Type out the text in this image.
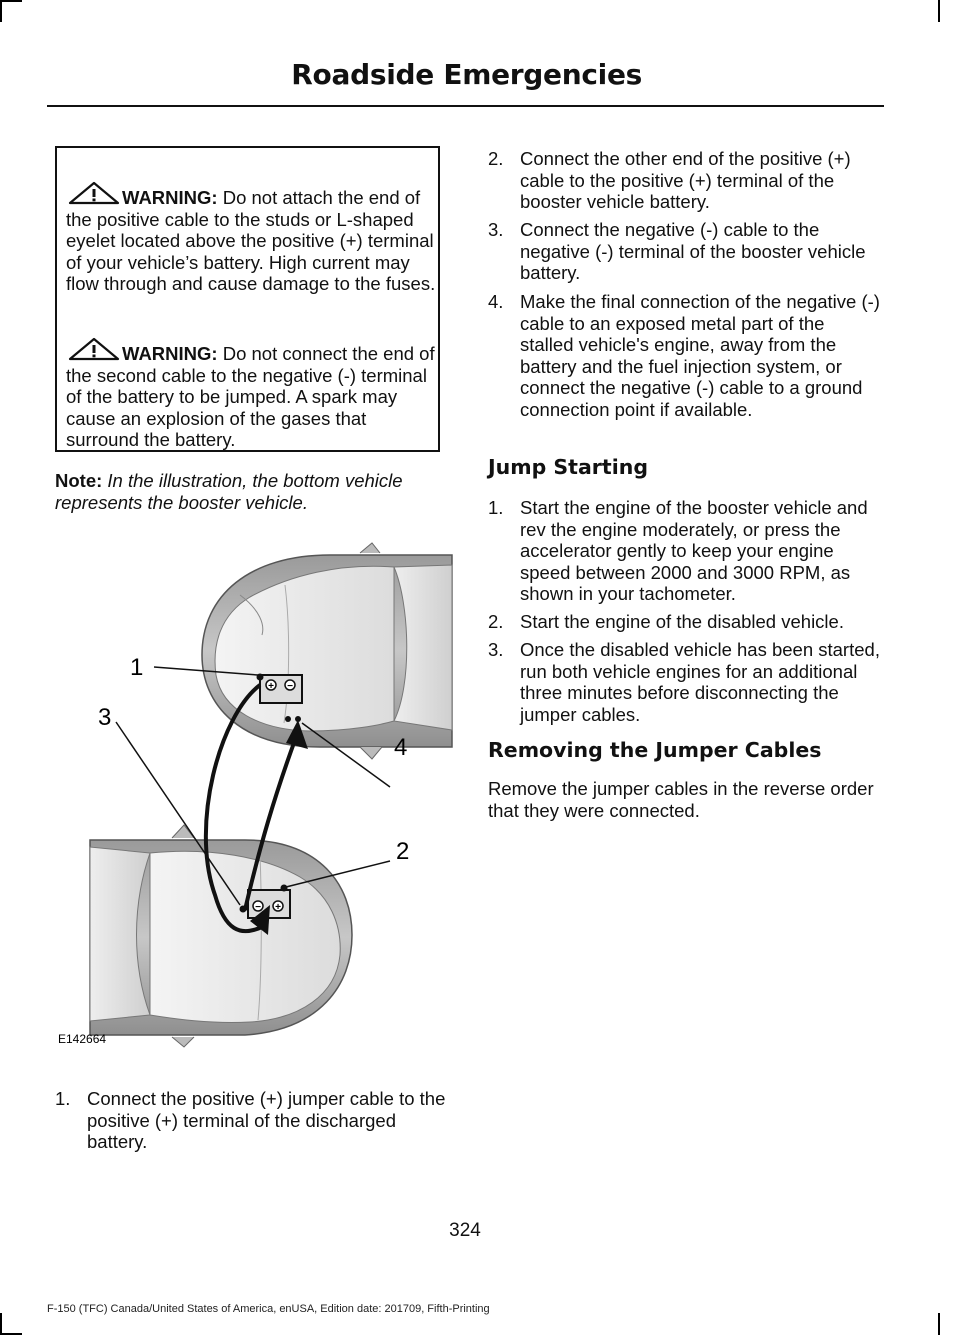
Roadside Emergencies
WARNING: Do not attach the end of the positive cable to the studs or L-shaped eyelet located above the positive (+) terminal of your vehicle’s battery. High current may flow through and cause damage to the fuses.
WARNING: Do not connect the end of the second cable to the negative (-) terminal of the battery to be jumped. A spark may cause an explosion of the gases that surround the battery.
Note: In the illustration, the bottom vehicle represents the booster vehicle.
+ −
− +
1
2
3
4
E142664
1. Connect the positive (+) jumper cable to the positive (+) terminal of the discharged battery.
2. Connect the other end of the positive (+) cable to the positive (+) terminal of the booster vehicle battery.
3. Connect the negative (-) cable to the negative (-) terminal of the booster vehicle battery.
4. Make the final connection of the negative (-) cable to an exposed metal part of the stalled vehicle's engine, away from the battery and the fuel injection system, or connect the negative (-) cable to a ground connection point if available.
Jump Starting
1. Start the engine of the booster vehicle and rev the engine moderately, or press the accelerator gently to keep your engine speed between 2000 and 3000 RPM, as shown in your tachometer.
2. Start the engine of the disabled vehicle.
3. Once the disabled vehicle has been started, run both vehicle engines for an additional three minutes before disconnecting the jumper cables.
Removing the Jumper Cables
Remove the jumper cables in the reverse order that they were connected.
324
F-150 (TFC) Canada/United States of America, enUSA, Edition date: 201709, Fifth-Printing
